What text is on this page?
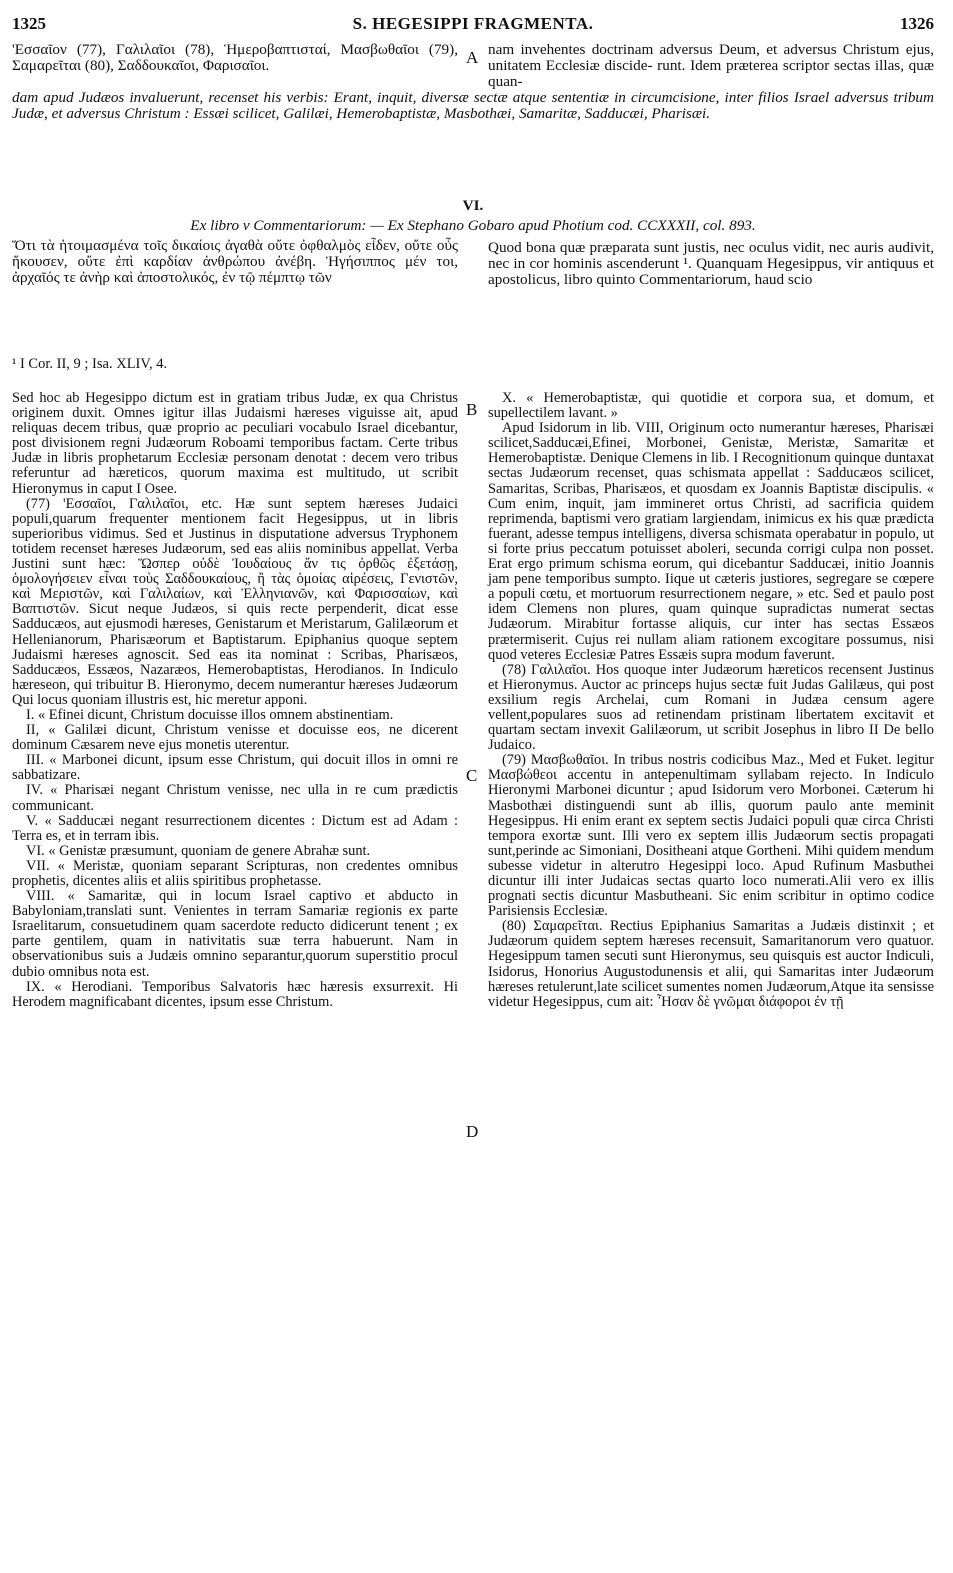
1325	S. HEGESIPPI FRAGMENTA.	1326

'Εσσαῖον (77), Γαλιλαῖοι (78), Ἡμεροβαπτισταί, Μασβωθαῖοι (79), Σαμαρεῖται (80), Σαδδουκαῖοι, Φαρισαῖοι.	A nam invehentes doctrinam adversus Deum, et adversus Christum ejus, unitatem Ecclesiæ discide- runt. Idem præterea scriptor sectas illas, quæ quan-

dam apud Judæos invaluerunt, recenset his verbis: Erant, inquit, diversæ sectæ atque sententiæ in circumcisione, inter filios Israel adversus tribum Judæ, et adversus Christum : Essæi scilicet, Galilæi, Hemerobaptistæ, Masbothæi, Samaritæ, Sadducæi, Pharisæi.

VI.
Ex libro v Commentariorum: — Ex Stephano Gobaro apud Photium cod. CCXXXII, col. 893.

Ὅτι τὰ ἡτοιμασμένα τοῖς δικαίοις ἀγαθὰ οὔτε ὀφθαλμὸς εἶδεν, οὔτε οὖς ἤκουσεν, οὔτε ἐπὶ καρδίαν ἀνθρώπου ἀνέβη. Ἡγήσιππος μέν τοι, ἀρχαῖός τε ἀνὴρ καὶ ἀποστολικός, ἐν τῷ πέμπτῳ τῶν

Quod bona quæ præparata sunt justis, nec oculus vidit, nec auris audivit, nec in cor hominis ascenderunt ¹. Quanquam Hegesippus, vir antiquus et apostolicus, libro quinto Commentariorum, haud scio

¹ I Cor. II, 9 ; Isa. XLIV, 4.

Sed hoc ab Hegesippo dictum est in gratiam tribus Judæ, ex qua Christus originem duxit. Omnes igitur illas Judaismi hæreses viguisse ait, apud reliquas decem tribus, quæ proprio ac peculiari vocabulo Israel dicebantur, post divisionem regni Judæorum Roboami temporibus factam. Certe tribus Judæ in libris prophetarum Ecclesiæ personam denotat : decem vero tribus referuntur ad hæreticos, quorum maxima est multitudo, ut scribit Hieronymus in caput I Osee.

(77) 'Εσσαῖοι, Γαλιλαῖοι, etc. Hæ sunt septem hæreses Judaici populi,quarum frequenter mentionem facit Hegesippus, ut in libris superioribus vidimus. Sed et Justinus in disputatione adversus Tryphonem totidem recenset hæreses Judæorum, sed eas aliis nominibus appellat. Verba Justini sunt hæc: Ὥσπερ οὐδὲ Ἰουδαίους ἄν τις ὀρθῶς ἐξετάσῃ, ὁμολογήσειεν εἶναι τοὺς Σαδδουκαίους, ἢ τὰς ὁμοίας αἱρέσεις, Γενιστῶν, καὶ Μεριστῶν, καὶ Γαλιλαίων, καὶ Ἑλληνιανῶν, καὶ Φαρισσαίων, καὶ Βαπτιστῶν. Sicut neque Judæos, si quis recte perpenderit, dicat esse Sadducæos, aut ejusmodi hæreses, Genistarum et Meristarum, Galilæorum et Hellenianorum, Pharisæorum et Baptistarum. Epiphanius quoque septem Judaismi hæreses agnoscit. Sed eas ita nominat : Scribas, Pharisæos, Sadducæos, Essæos, Nazaræos, Hemerobaptistas, Herodianos. In Indiculo hæreseon, qui tribuitur B. Hieronymo, decem numerantur hæreses Judæorum Qui locus quoniam illustris est, hic meretur apponi.

I. « Efinei dicunt, Christum docuisse illos omnem abstinentiam.

II, « Galilæi dicunt, Christum venisse et docuisse eos, ne dicerent dominum Cæsarem neve ejus monetis uterentur.

III. « Marbonei dicunt, ipsum esse Christum, qui docuit illos in omni re sabbatizare.

IV. « Pharisæi negant Christum venisse, nec ulla in re cum prædictis communicant.

V. « Sadducæi negant resurrectionem dicentes : Dictum est ad Adam : Terra es, et in terram ibis.

VI. « Genistæ præsumunt, quoniam de genere Abrahæ sunt.

VII. « Meristæ, quoniam separant Scripturas, non credentes omnibus prophetis, dicentes aliis et aliis spiritibus prophetasse.

VIII. « Samaritæ, qui in locum Israel captivo et abducto in Babyloniam,translati sunt. Venientes in terram Samariæ regionis ex parte Israelitarum, consuetudinem quam sacerdote reducto didicerunt tenent ; ex parte gentilem, quam in nativitatis suæ terra habuerunt. Nam in observationibus suis a Judæis omnino separantur,quorum superstitio procul dubio omnibus nota est.

IX. « Herodiani. Temporibus Salvatoris hæc hæresis exsurrexit. Hi Herodem magnificabant dicentes, ipsum esse Christum.

B
C
D

X. « Hemerobaptistæ, qui quotidie et corpora sua, et domum, et supellectilem lavant. »

Apud Isidorum in lib. VIII, Originum octo numerantur hæreses, Pharisæi scilicet,Sadducæi,Efinei, Morbonei, Genistæ, Meristæ, Samaritæ et Hemerobaptistæ. Denique Clemens in lib. I Recognitionum quinque duntaxat sectas Judæorum recenset, quas schismata appellat : Sadducæos scilicet, Samaritas, Scribas, Pharisæos, et quosdam ex Joannis Baptistæ discipulis. « Cum enim, inquit, jam immineret ortus Christi, ad sacrificia quidem reprimenda, baptismi vero gratiam largiendam, inimicus ex his quæ prædicta fuerant, adesse tempus intelligens, diversa schismata operabatur in populo, ut si forte prius peccatum potuisset aboleri, secunda corrigi culpa non posset. Erat ergo primum schisma eorum, qui dicebantur Sadducæi, initio Joannis jam pene temporibus sumpto. Iique ut cæteris justiores, segregare se cœpere a populi cœtu, et mortuorum resurrectionem negare, » etc. Sed et paulo post idem Clemens non plures, quam quinque supradictas numerat sectas Judæorum. Mirabitur fortasse aliquis, cur inter has sectas Essæos prætermiserit. Cujus rei nullam aliam rationem excogitare possumus, nisi quod veteres Ecclesiæ Patres Essæis supra modum faverunt.

(78) Γαλιλαῖοι. Hos quoque inter Judæorum hæreticos recensent Justinus et Hieronymus. Auctor ac princeps hujus sectæ fuit Judas Galilæus, qui post exsilium regis Archelai, cum Romani in Judæa censum agere vellent,populares suos ad retinendam pristinam libertatem excitavit et quartam sectam invexit Galilæorum, ut scribit Josephus in libro II De bello Judaico.

(79) Μασβωθαῖοι. In tribus nostris codicibus Maz., Med et Fuket. legitur Μασβώθεοι accentu in antepenultimam syllabam rejecto. In Indiculo Hieronymi Marbonei dicuntur ; apud Isidorum vero Morbonei. Cæterum hi Masbothæi distinguendi sunt ab illis, quorum paulo ante meminit Hegesippus. Hi enim erant ex septem sectis Judaici populi quæ circa Christi tempora exortæ sunt. Illi vero ex septem illis Judæorum sectis propagati sunt,perinde ac Simoniani, Dositheani atque Gortheni. Mihi quidem mendum subesse videtur in alterutro Hegesippi loco. Apud Rufinum Masbuthei dicuntur illi inter Judaicas sectas quarto loco numerati.Alii vero ex illis prognati sectis dicuntur Masbutheani. Sic enim scribitur in optimo codice Parisiensis Ecclesiæ.

(80) Σαμαρεῖται. Rectius Epiphanius Samaritas a Judæis distinxit ; et Judæorum quidem septem hæreses recensuit, Samaritanorum vero quatuor. Hegesippum tamen secuti sunt Hieronymus, seu quisquis est auctor Indiculi, Isidorus, Honorius Augustodunensis et alii, qui Samaritas inter Judæorum hæreses retulerunt,late scilicet sumentes nomen Judæorum,Atque ita sensisse videtur Hegesippus, cum ait: Ἦσαν δὲ γνῶμαι διάφοροι ἐν τῇ
